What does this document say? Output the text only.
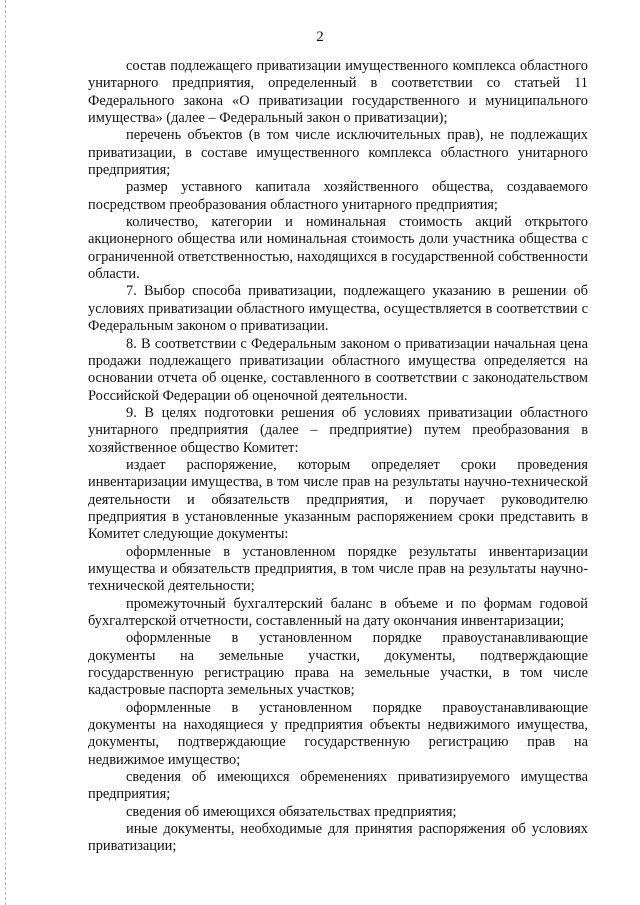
2

состав подлежащего приватизации имущественного комплекса областного унитарного предприятия, определенный в соответствии со статьей 11 Федерального закона «О приватизации государственного и муниципального имущества» (далее – Федеральный закон о приватизации);

перечень объектов (в том числе исключительных прав), не подлежащих приватизации, в составе имущественного комплекса областного унитарного предприятия;

размер уставного капитала хозяйственного общества, создаваемого посредством преобразования областного унитарного предприятия;

количество, категории и номинальная стоимость акций открытого акционерного общества или номинальная стоимость доли участника общества с ограниченной ответственностью, находящихся в государственной собственности области.

7. Выбор способа приватизации, подлежащего указанию в решении об условиях приватизации областного имущества, осуществляется в соответствии с Федеральным законом о приватизации.

8. В соответствии с Федеральным законом о приватизации начальная цена продажи подлежащего приватизации областного имущества определяется на основании отчета об оценке, составленного в соответствии с законодательством Российской Федерации об оценочной деятельности.

9. В целях подготовки решения об условиях приватизации областного унитарного предприятия (далее – предприятие) путем преобразования в хозяйственное общество Комитет:

издает распоряжение, которым определяет сроки проведения инвентаризации имущества, в том числе прав на результаты научно-технической деятельности и обязательств предприятия, и поручает руководителю предприятия в установленные указанным распоряжением сроки представить в Комитет следующие документы:

оформленные в установленном порядке результаты инвентаризации имущества и обязательств предприятия, в том числе прав на результаты научно-технической деятельности;

промежуточный бухгалтерский баланс в объеме и по формам годовой бухгалтерской отчетности, составленный на дату окончания инвентаризации;

оформленные в установленном порядке правоустанавливающие документы на земельные участки, документы, подтверждающие государственную регистрацию права на земельные участки, в том числе кадастровые паспорта земельных участков;

оформленные в установленном порядке правоустанавливающие документы на находящиеся у предприятия объекты недвижимого имущества, документы, подтверждающие государственную регистрацию прав на недвижимое имущество;

сведения об имеющихся обременениях приватизируемого имущества предприятия;

сведения об имеющихся обязательствах предприятия;

иные документы, необходимые для принятия распоряжения об условиях приватизации;
